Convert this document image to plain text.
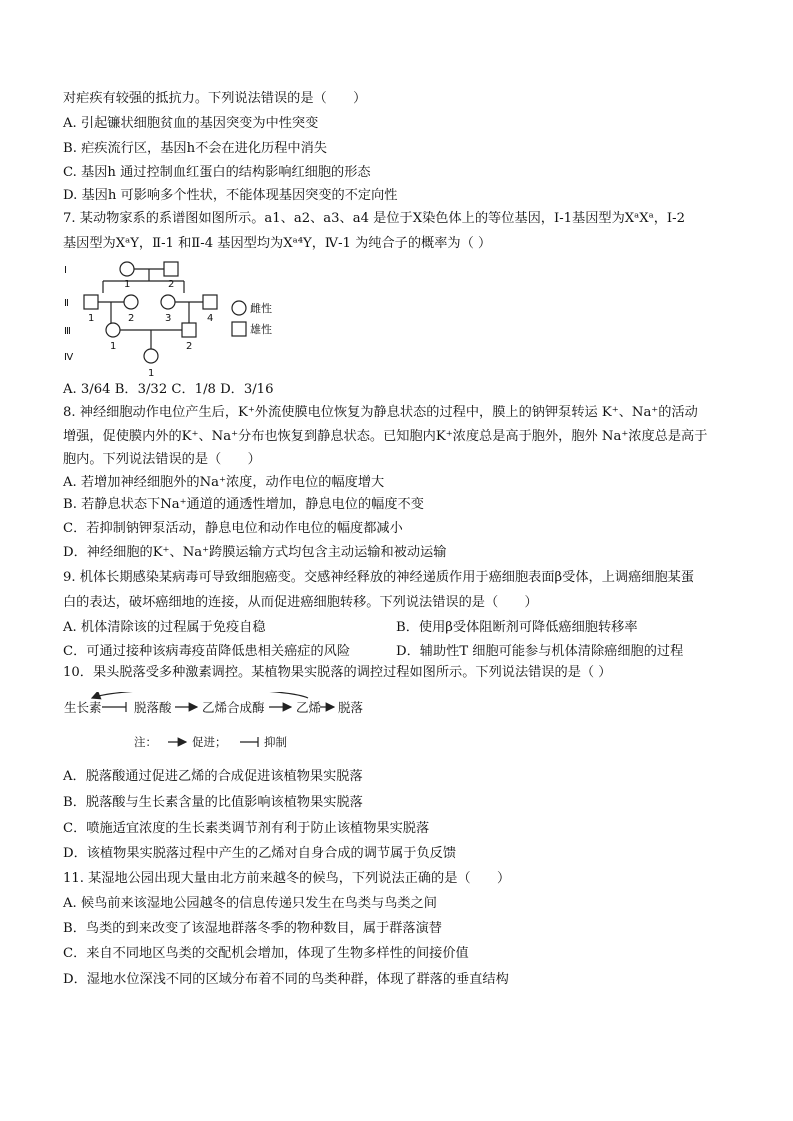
对疟疾有较强的抵抗力。下列说法错误的是（　　）
A. 引起镰状细胞贫血的基因突变为中性突变
B. 疟疾流行区，基因h不会在进化历程中消失
C. 基因h 通过控制血红蛋白的结构影响红细胞的形态
D. 基因h 可影响多个性状，不能体现基因突变的不定向性
7. 某动物家系的系谱图如图所示。a1、a2、a3、a4 是位于X染色体上的等位基因，Ⅰ-1基因型为XᵃXᵃ，Ⅰ-2
基因型为XᵃY，Ⅱ-1 和Ⅱ-4 基因型均为Xᵃ⁴Y，Ⅳ-1 为纯合子的概率为（ ）
Ⅰ
Ⅱ
Ⅲ
Ⅳ
1	2
1	2	3	4
1	2
1
雌性
雄性
A. 3/64 B．3/32 C．1/8 D．3/16
8. 神经细胞动作电位产生后，K⁺外流使膜电位恢复为静息状态的过程中，膜上的钠钾泵转运 K⁺、Na⁺的活动
增强，促使膜内外的K⁺、Na⁺分布也恢复到静息状态。已知胞内K⁺浓度总是高于胞外，胞外 Na⁺浓度总是高于
胞内。下列说法错误的是（　　）
A. 若增加神经细胞外的Na⁺浓度，动作电位的幅度增大
B. 若静息状态下Na⁺通道的通透性增加，静息电位的幅度不变
C．若抑制钠钾泵活动，静息电位和动作电位的幅度都减小
D．神经细胞的K⁺、Na⁺跨膜运输方式均包含主动运输和被动运输
9. 机体长期感染某病毒可导致细胞癌变。交感神经释放的神经递质作用于癌细胞表面β受体，上调癌细胞某蛋
白的表达，破坏癌细地的连接，从而促进癌细胞转移。下列说法错误的是（　　）
A. 机体清除该的过程属于免疫自稳	B．使用β受体阻断剂可降低癌细胞转移率
C．可通过接种该病毒疫苗降低患相关癌症的风险	D．辅助性T 细胞可能参与机体清除癌细胞的过程
10．果头脱落受多种激素调控。某植物果实脱落的调控过程如图所示。下列说法错误的是（ ）
生长素	脱落酸 乙烯合成酶	乙烯 脱落
注：	促进；	抑制
A．脱落酸通过促进乙烯的合成促进该植物果实脱落
B．脱落酸与生长素含量的比值影响该植物果实脱落
C．喷施适宜浓度的生长素类调节剂有利于防止该植物果实脱落
D．该植物果实脱落过程中产生的乙烯对自身合成的调节属于负反馈
11. 某湿地公园出现大量由北方前来越冬的候鸟，下列说法正确的是（　　）
A. 候鸟前来该湿地公园越冬的信息传递只发生在鸟类与鸟类之间
B．鸟类的到来改变了该湿地群落冬季的物种数目，属于群落演替
C．来自不同地区鸟类的交配机会增加，体现了生物多样性的间接价值
D．湿地水位深浅不同的区域分布着不同的鸟类种群，体现了群落的垂直结构
